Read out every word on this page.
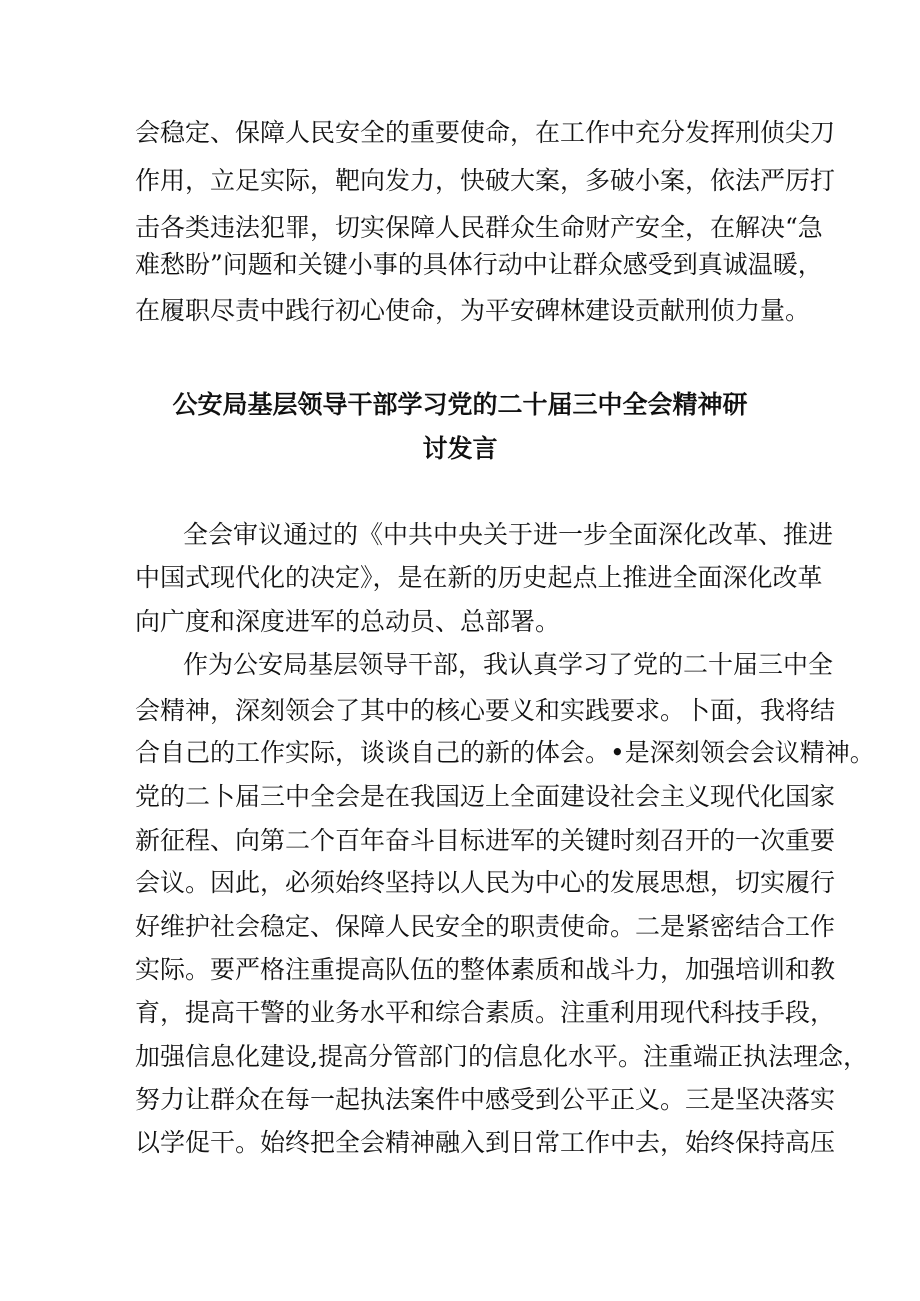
会稳定、保障人民安全的重要使命，在工作中充分发挥刑侦尖刀
作用，立足实际，靶向发力，快破大案，多破小案，依法严厉打
击各类违法犯罪，切实保障人民群众生命财产安全，在解决“急
难愁盼”问题和关键小事的具体行动中让群众感受到真诚温暖，
在履职尽责中践行初心使命，为平安碑林建设贡献刑侦力量。
公安局基层领导干部学习党的二十届三中全会精神研
讨发言
全会审议通过的《中共中央关于进一步全面深化改革、推进
中国式现代化的决定》，是在新的历史起点上推进全面深化改革
向广度和深度进军的总动员、总部署。
作为公安局基层领导干部，我认真学习了党的二十届三中全
会精神，深刻领会了其中的核心要义和实践要求。卜面，我将结
合自己的工作实际，谈谈自己的新的体会。•是深刻领会会议精神。
党的二卜届三中全会是在我国迈上全面建设社会主义现代化国家
新征程、向第二个百年奋斗目标进军的关键时刻召开的一次重要
会议。因此，必须始终坚持以人民为中心的发展思想，切实履行
好维护社会稳定、保障人民安全的职责使命。二是紧密结合工作
实际。要严格注重提高队伍的整体素质和战斗力，加强培训和教
育，提高干警的业务水平和综合素质。注重利用现代科技手段，
加强信息化建设,提高分管部门的信息化水平。注重端正执法理念，
努力让群众在每一起执法案件中感受到公平正义。三是坚决落实
以学促干。始终把全会精神融入到日常工作中去，始终保持高压
